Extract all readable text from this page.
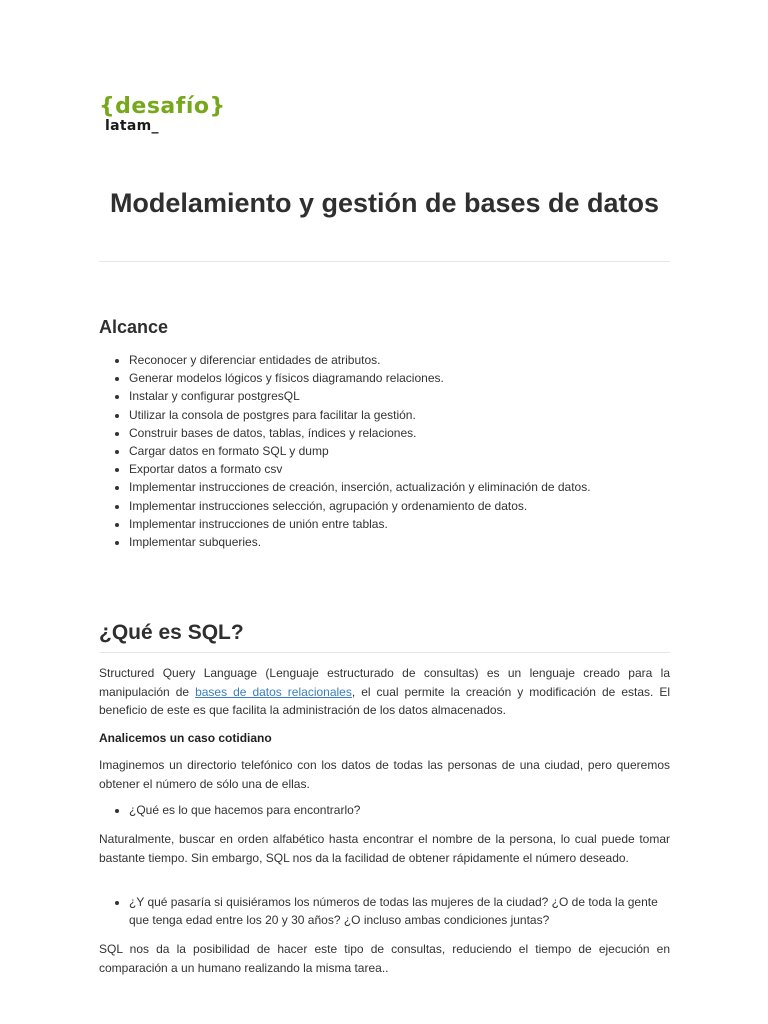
{desafío}
latam_
Modelamiento y gestión de bases de datos
Alcance
• Reconocer y diferenciar entidades de atributos.
• Generar modelos lógicos y físicos diagramando relaciones.
• Instalar y configurar postgresQL
• Utilizar la consola de postgres para facilitar la gestión.
• Construir bases de datos, tablas, índices y relaciones.
• Cargar datos en formato SQL y dump
• Exportar datos a formato csv
• Implementar instrucciones de creación, inserción, actualización y eliminación de datos.
• Implementar instrucciones selección, agrupación y ordenamiento de datos.
• Implementar instrucciones de unión entre tablas.
• Implementar subqueries.
¿Qué es SQL?

Structured Query Language (Lenguaje estructurado de consultas) es un lenguaje creado para la manipulación de bases de datos relacionales, el cual permite la creación y modificación de estas. El beneficio de este es que facilita la administración de los datos almacenados.

Analicemos un caso cotidiano

Imaginemos un directorio telefónico con los datos de todas las personas de una ciudad, pero queremos obtener el número de sólo una de ellas.

• ¿Qué es lo que hacemos para encontrarlo?

Naturalmente, buscar en orden alfabético hasta encontrar el nombre de la persona, lo cual puede tomar bastante tiempo. Sin embargo, SQL nos da la facilidad de obtener rápidamente el número deseado.

• ¿Y qué pasaría si quisiéramos los números de todas las mujeres de la ciudad? ¿O de toda la gente que tenga edad entre los 20 y 30 años? ¿O incluso ambas condiciones juntas?

SQL nos da la posibilidad de hacer este tipo de consultas, reduciendo el tiempo de ejecución en comparación a un humano realizando la misma tarea..
